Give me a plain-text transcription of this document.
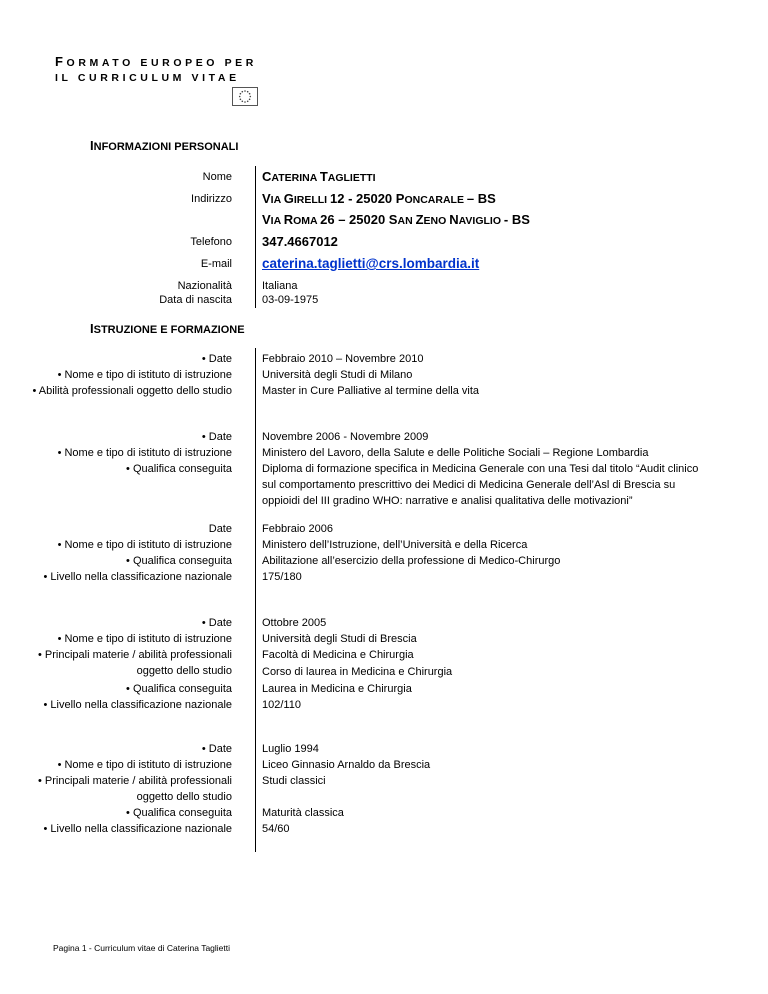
FORMATO EUROPEO PER
IL CURRICULUM VITAE
INFORMAZIONI PERSONALI
Nome CATERINA TAGLIETTI
Indirizzo VIA GIRELLI 12 - 25020 PONCARALE – BS
VIA ROMA 26 – 25020 SAN ZENO NAVIGLIO - BS
Telefono 347.4667012
E-mail caterina.taglietti@crs.lombardia.it
Nazionalità	Italiana
Data di nascita	03-09-1975
ISTRUZIONE E FORMAZIONE
• Date
• Nome e tipo di istituto di istruzione
• Abilità professionali oggetto dello studio
Febbraio 2010 – Novembre 2010
Università degli Studi di Milano
Master in Cure Palliative al termine della vita
• Date
• Nome e tipo di istituto di istruzione
• Qualifica conseguita
Novembre 2006 - Novembre 2009
Ministero del Lavoro, della Salute e delle Politiche Sociali – Regione Lombardia
Diploma di formazione specifica in Medicina Generale con una Tesi dal titolo “Audit clinico sul comportamento prescrittivo dei Medici di Medicina Generale dell’Asl di Brescia su oppioidi del III gradino WHO: narrative e analisi qualitativa delle motivazioni”
Date
• Nome e tipo di istituto di istruzione
• Qualifica conseguita
• Livello nella classificazione nazionale
Febbraio 2006
Ministero dell’Istruzione, dell’Università e della Ricerca
Abilitazione all’esercizio della professione di Medico-Chirurgo
175/180
• Date
• Nome e tipo di istituto di istruzione
• Principali materie / abilità professionali oggetto dello studio
• Qualifica conseguita
• Livello nella classificazione nazionale
Ottobre 2005
Università degli Studi di Brescia
Facoltà di Medicina e Chirurgia
Corso di laurea in Medicina e Chirurgia
Laurea in Medicina e Chirurgia
102/110
• Date
• Nome e tipo di istituto di istruzione
• Principali materie / abilità professionali oggetto dello studio
• Qualifica conseguita
• Livello nella classificazione nazionale
Luglio 1994
Liceo Ginnasio Arnaldo da Brescia
Studi classici
Maturità classica
54/60
Pagina 1 - Curriculum vitae di Caterina Taglietti
